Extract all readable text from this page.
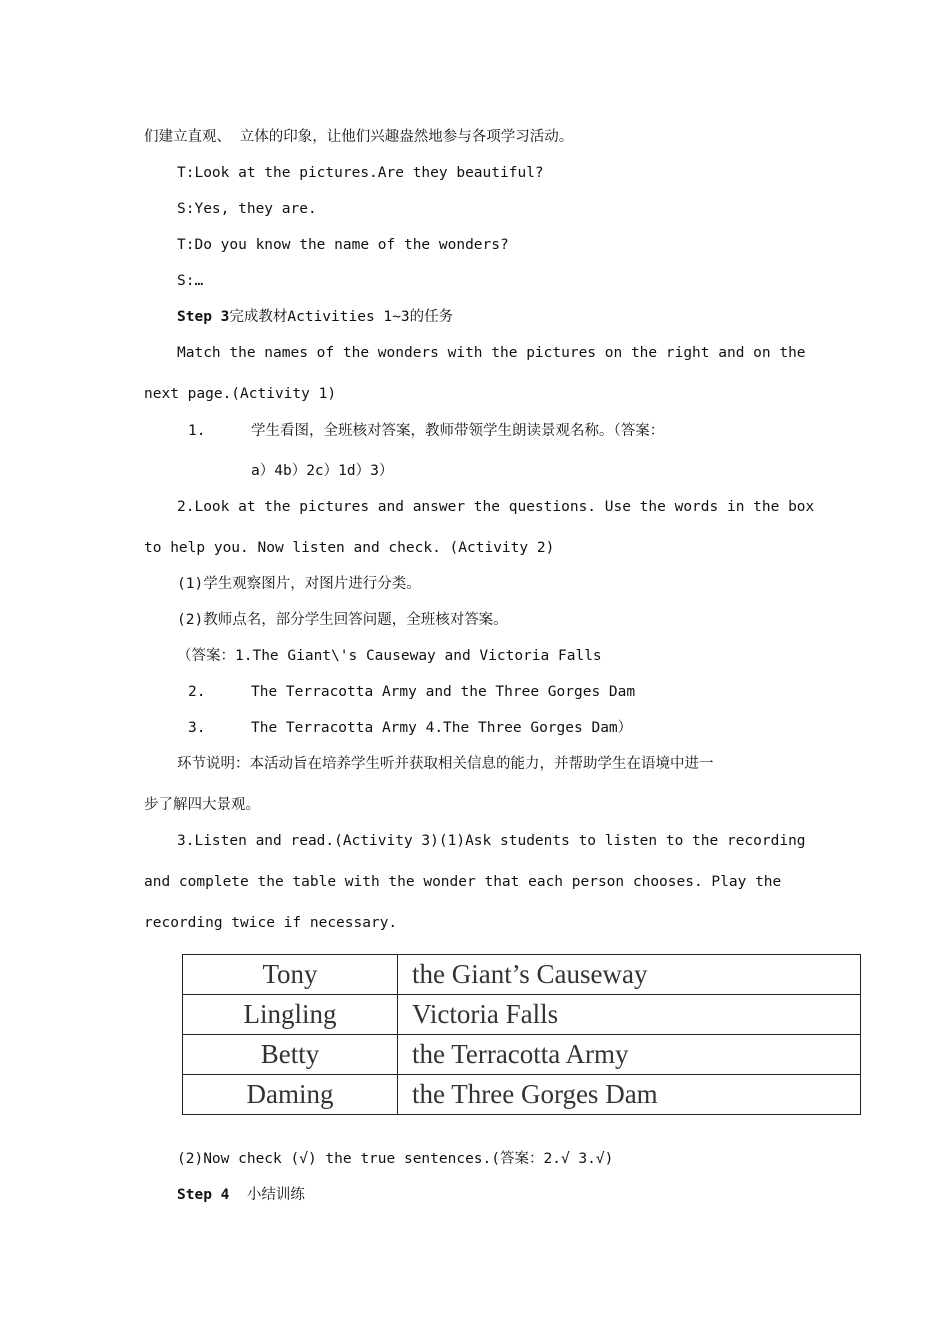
们建立直观、 立体的印象，让他们兴趣盎然地参与各项学习活动。
T:Look at the pictures.Are they beautiful?
S:Yes, they are.
T:Do you know the name of the wonders?
S:…
Step 3完成教材Activities 1~3的任务
Match the names of the wonders with the pictures on the right and on the
next page.(Activity 1)
1.	学生看图，全班核对答案，教师带领学生朗读景观名称。（答案：
a）4b）2c）1d）3）
2.Look at the pictures and answer the questions. Use the words in the box
to help you. Now listen and check. (Activity 2)
(1)学生观察图片，对图片进行分类。
(2)教师点名，部分学生回答问题，全班核对答案。
（答案：1.The Giant\'s Causeway and Victoria Falls
2.	The Terracotta Army and the Three Gorges Dam
3.	The Terracotta Army 4.The Three Gorges Dam）
环节说明：本活动旨在培养学生听并获取相关信息的能力，并帮助学生在语境中进一
步了解四大景观。
3.Listen and read.(Activity 3)(1)Ask students to listen to the recording
and complete the table with the wonder that each person chooses. Play the
recording twice if necessary.
Tony	the Giant’s Causeway
Lingling	Victoria Falls
Betty	the Terracotta Army
Daming	the Three Gorges Dam
(2)Now check (√) the true sentences.(答案：2.√ 3.√)
Step 4 小结训练
